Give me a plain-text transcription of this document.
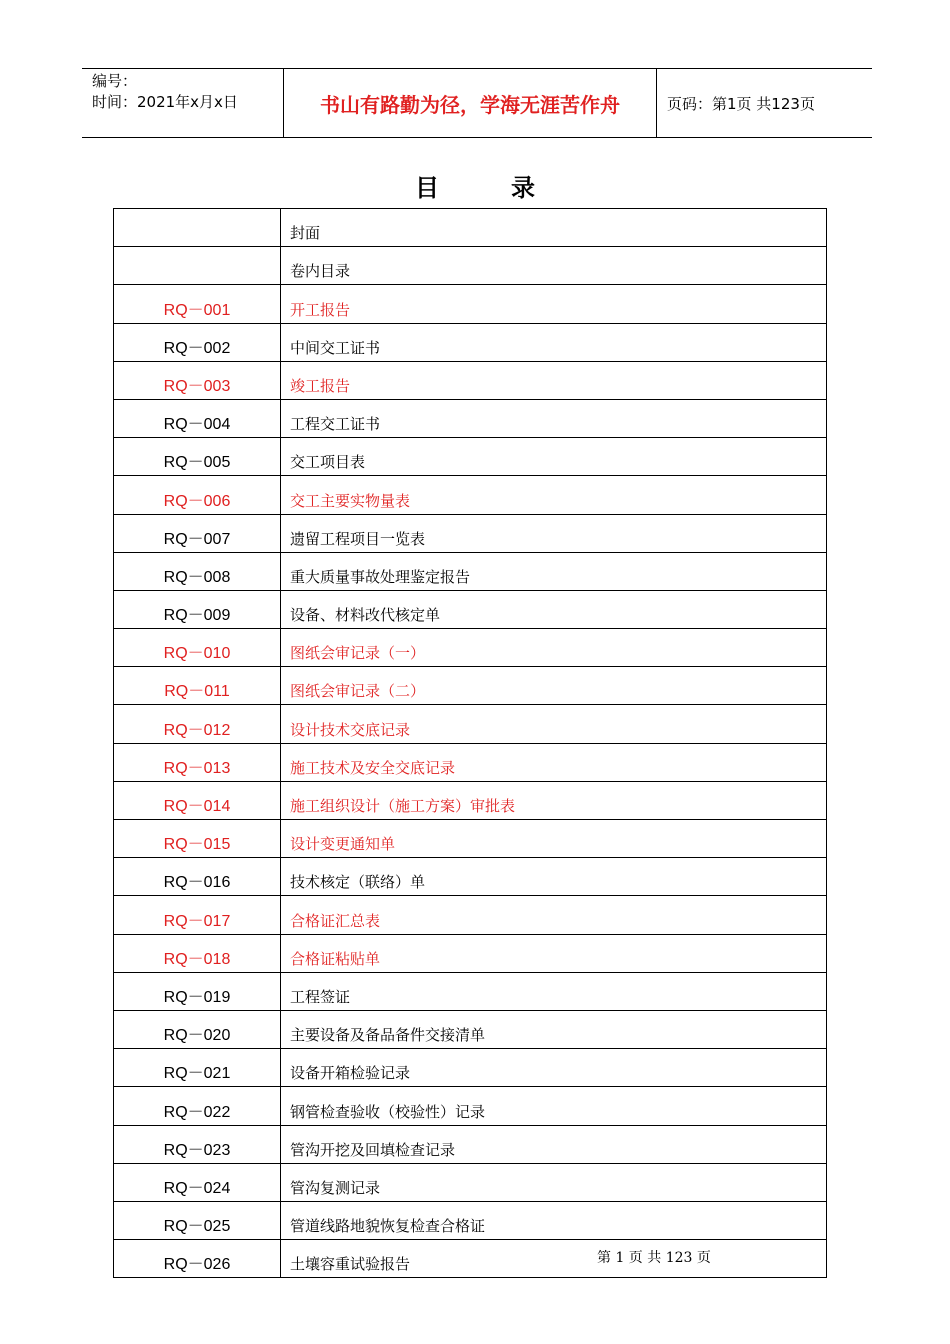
编号：
时间：2021年x月x日	书山有路勤为径，学海无涯苦作舟	页码：第1页 共123页
目录
	封面
	卷内目录
RQ－001	开工报告
RQ－002	中间交工证书
RQ－003	竣工报告
RQ－004	工程交工证书
RQ－005	交工项目表
RQ－006	交工主要实物量表
RQ－007	遗留工程项目一览表
RQ－008	重大质量事故处理鉴定报告
RQ－009	设备、材料改代核定单
RQ－010	图纸会审记录（一）
RQ－011	图纸会审记录（二）
RQ－012	设计技术交底记录
RQ－013	施工技术及安全交底记录
RQ－014	施工组织设计（施工方案）审批表
RQ－015	设计变更通知单
RQ－016	技术核定（联络）单
RQ－017	合格证汇总表
RQ－018	合格证粘贴单
RQ－019	工程签证
RQ－020	主要设备及备品备件交接清单
RQ－021	设备开箱检验记录
RQ－022	钢管检查验收（校验性）记录
RQ－023	管沟开挖及回填检查记录
RQ－024	管沟复测记录
RQ－025	管道线路地貌恢复检查合格证
RQ－026	土壤容重试验报告	第 1 页 共 123 页
